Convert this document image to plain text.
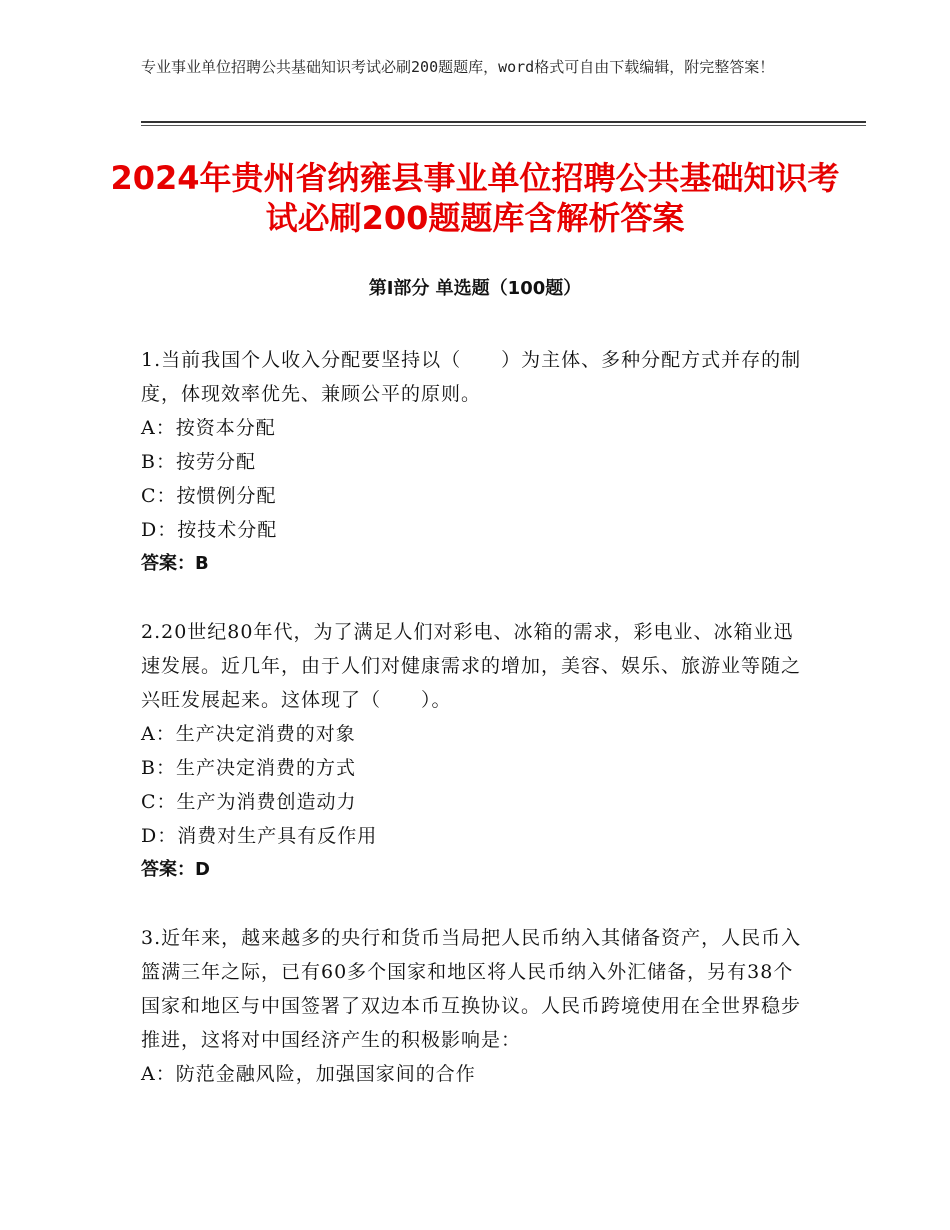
专业事业单位招聘公共基础知识考试必刷200题题库，word格式可自由下载编辑，附完整答案！
2024年贵州省纳雍县事业单位招聘公共基础知识考试必刷200题题库含解析答案
第Ⅰ部分 单选题（100题）

1.当前我国个人收入分配要坚持以（　　）为主体、多种分配方式并存的制度，体现效率优先、兼顾公平的原则。

A：按资本分配

B：按劳分配

C：按惯例分配

D：按技术分配

答案：B

2.20世纪80年代，为了满足人们对彩电、冰箱的需求，彩电业、冰箱业迅速发展。近几年，由于人们对健康需求的增加，美容、娱乐、旅游业等随之兴旺发展起来。这体现了（　　）。

A：生产决定消费的对象

B：生产决定消费的方式

C：生产为消费创造动力

D：消费对生产具有反作用

答案：D

3.近年来，越来越多的央行和货币当局把人民币纳入其储备资产，人民币入篮满三年之际，已有60多个国家和地区将人民币纳入外汇储备，另有38个国家和地区与中国签署了双边本币互换协议。人民币跨境使用在全世界稳步推进，这将对中国经济产生的积极影响是：

A：防范金融风险，加强国家间的合作
